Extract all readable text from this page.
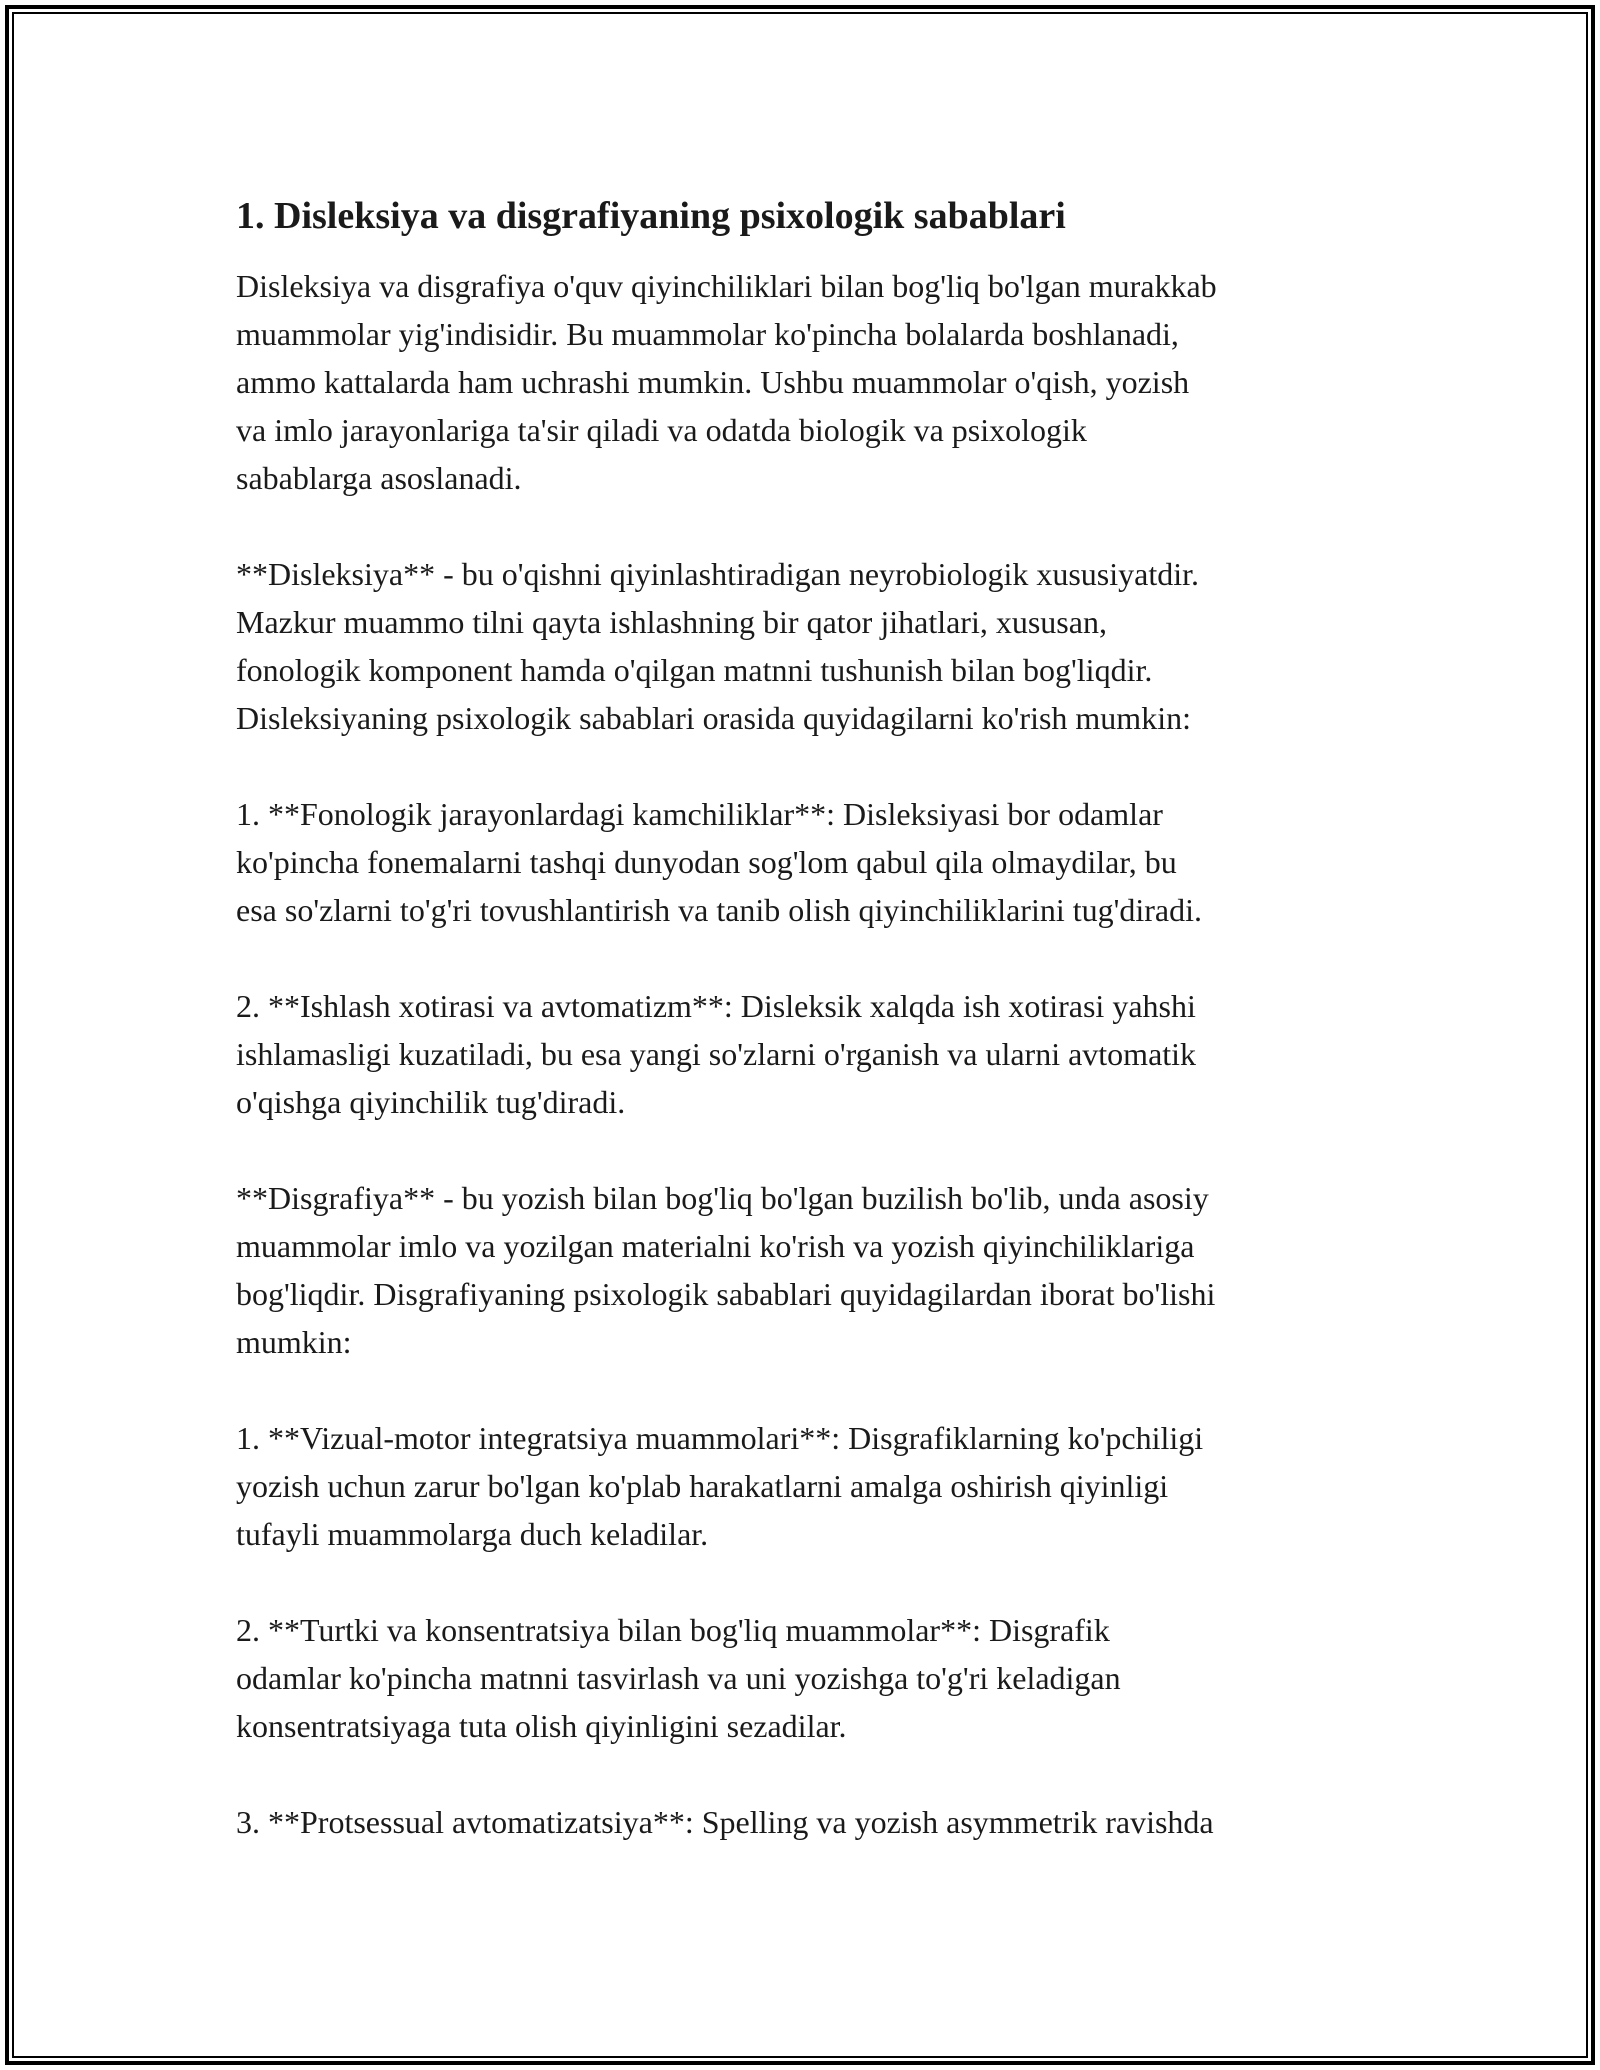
1. Disleksiya va disgrafiyaning psixologik sabablari

Disleksiya va disgrafiya o'quv qiyinchiliklari bilan bog'liq bo'lgan murakkab
muammolar yig'indisidir. Bu muammolar ko'pincha bolalarda boshlanadi,
ammo kattalarda ham uchrashi mumkin. Ushbu muammolar o'qish, yozish
va imlo jarayonlariga ta'sir qiladi va odatda biologik va psixologik
sabablarga asoslanadi.

**Disleksiya** - bu o'qishni qiyinlashtiradigan neyrobiologik xususiyatdir.
Mazkur muammo tilni qayta ishlashning bir qator jihatlari, xususan,
fonologik komponent hamda o'qilgan matnni tushunish bilan bog'liqdir.
Disleksiyaning psixologik sabablari orasida quyidagilarni ko'rish mumkin:

1. **Fonologik jarayonlardagi kamchiliklar**: Disleksiyasi bor odamlar
ko'pincha fonemalarni tashqi dunyodan sog'lom qabul qila olmaydilar, bu
esa so'zlarni to'g'ri tovushlantirish va tanib olish qiyinchiliklarini tug'diradi.

2. **Ishlash xotirasi va avtomatizm**: Disleksik xalqda ish xotirasi yahshi
ishlamasligi kuzatiladi, bu esa yangi so'zlarni o'rganish va ularni avtomatik
o'qishga qiyinchilik tug'diradi.

**Disgrafiya** - bu yozish bilan bog'liq bo'lgan buzilish bo'lib, unda asosiy
muammolar imlo va yozilgan materialni ko'rish va yozish qiyinchiliklariga
bog'liqdir. Disgrafiyaning psixologik sabablari quyidagilardan iborat bo'lishi
mumkin:

1. **Vizual-motor integratsiya muammolari**: Disgrafiklarning ko'pchiligi
yozish uchun zarur bo'lgan ko'plab harakatlarni amalga oshirish qiyinligi
tufayli muammolarga duch keladilar.

2. **Turtki va konsentratsiya bilan bog'liq muammolar**: Disgrafik
odamlar ko'pincha matnni tasvirlash va uni yozishga to'g'ri keladigan
konsentratsiyaga tuta olish qiyinligini sezadilar.

3. **Protsessual avtomatizatsiya**: Spelling va yozish asymmetrik ravishda
